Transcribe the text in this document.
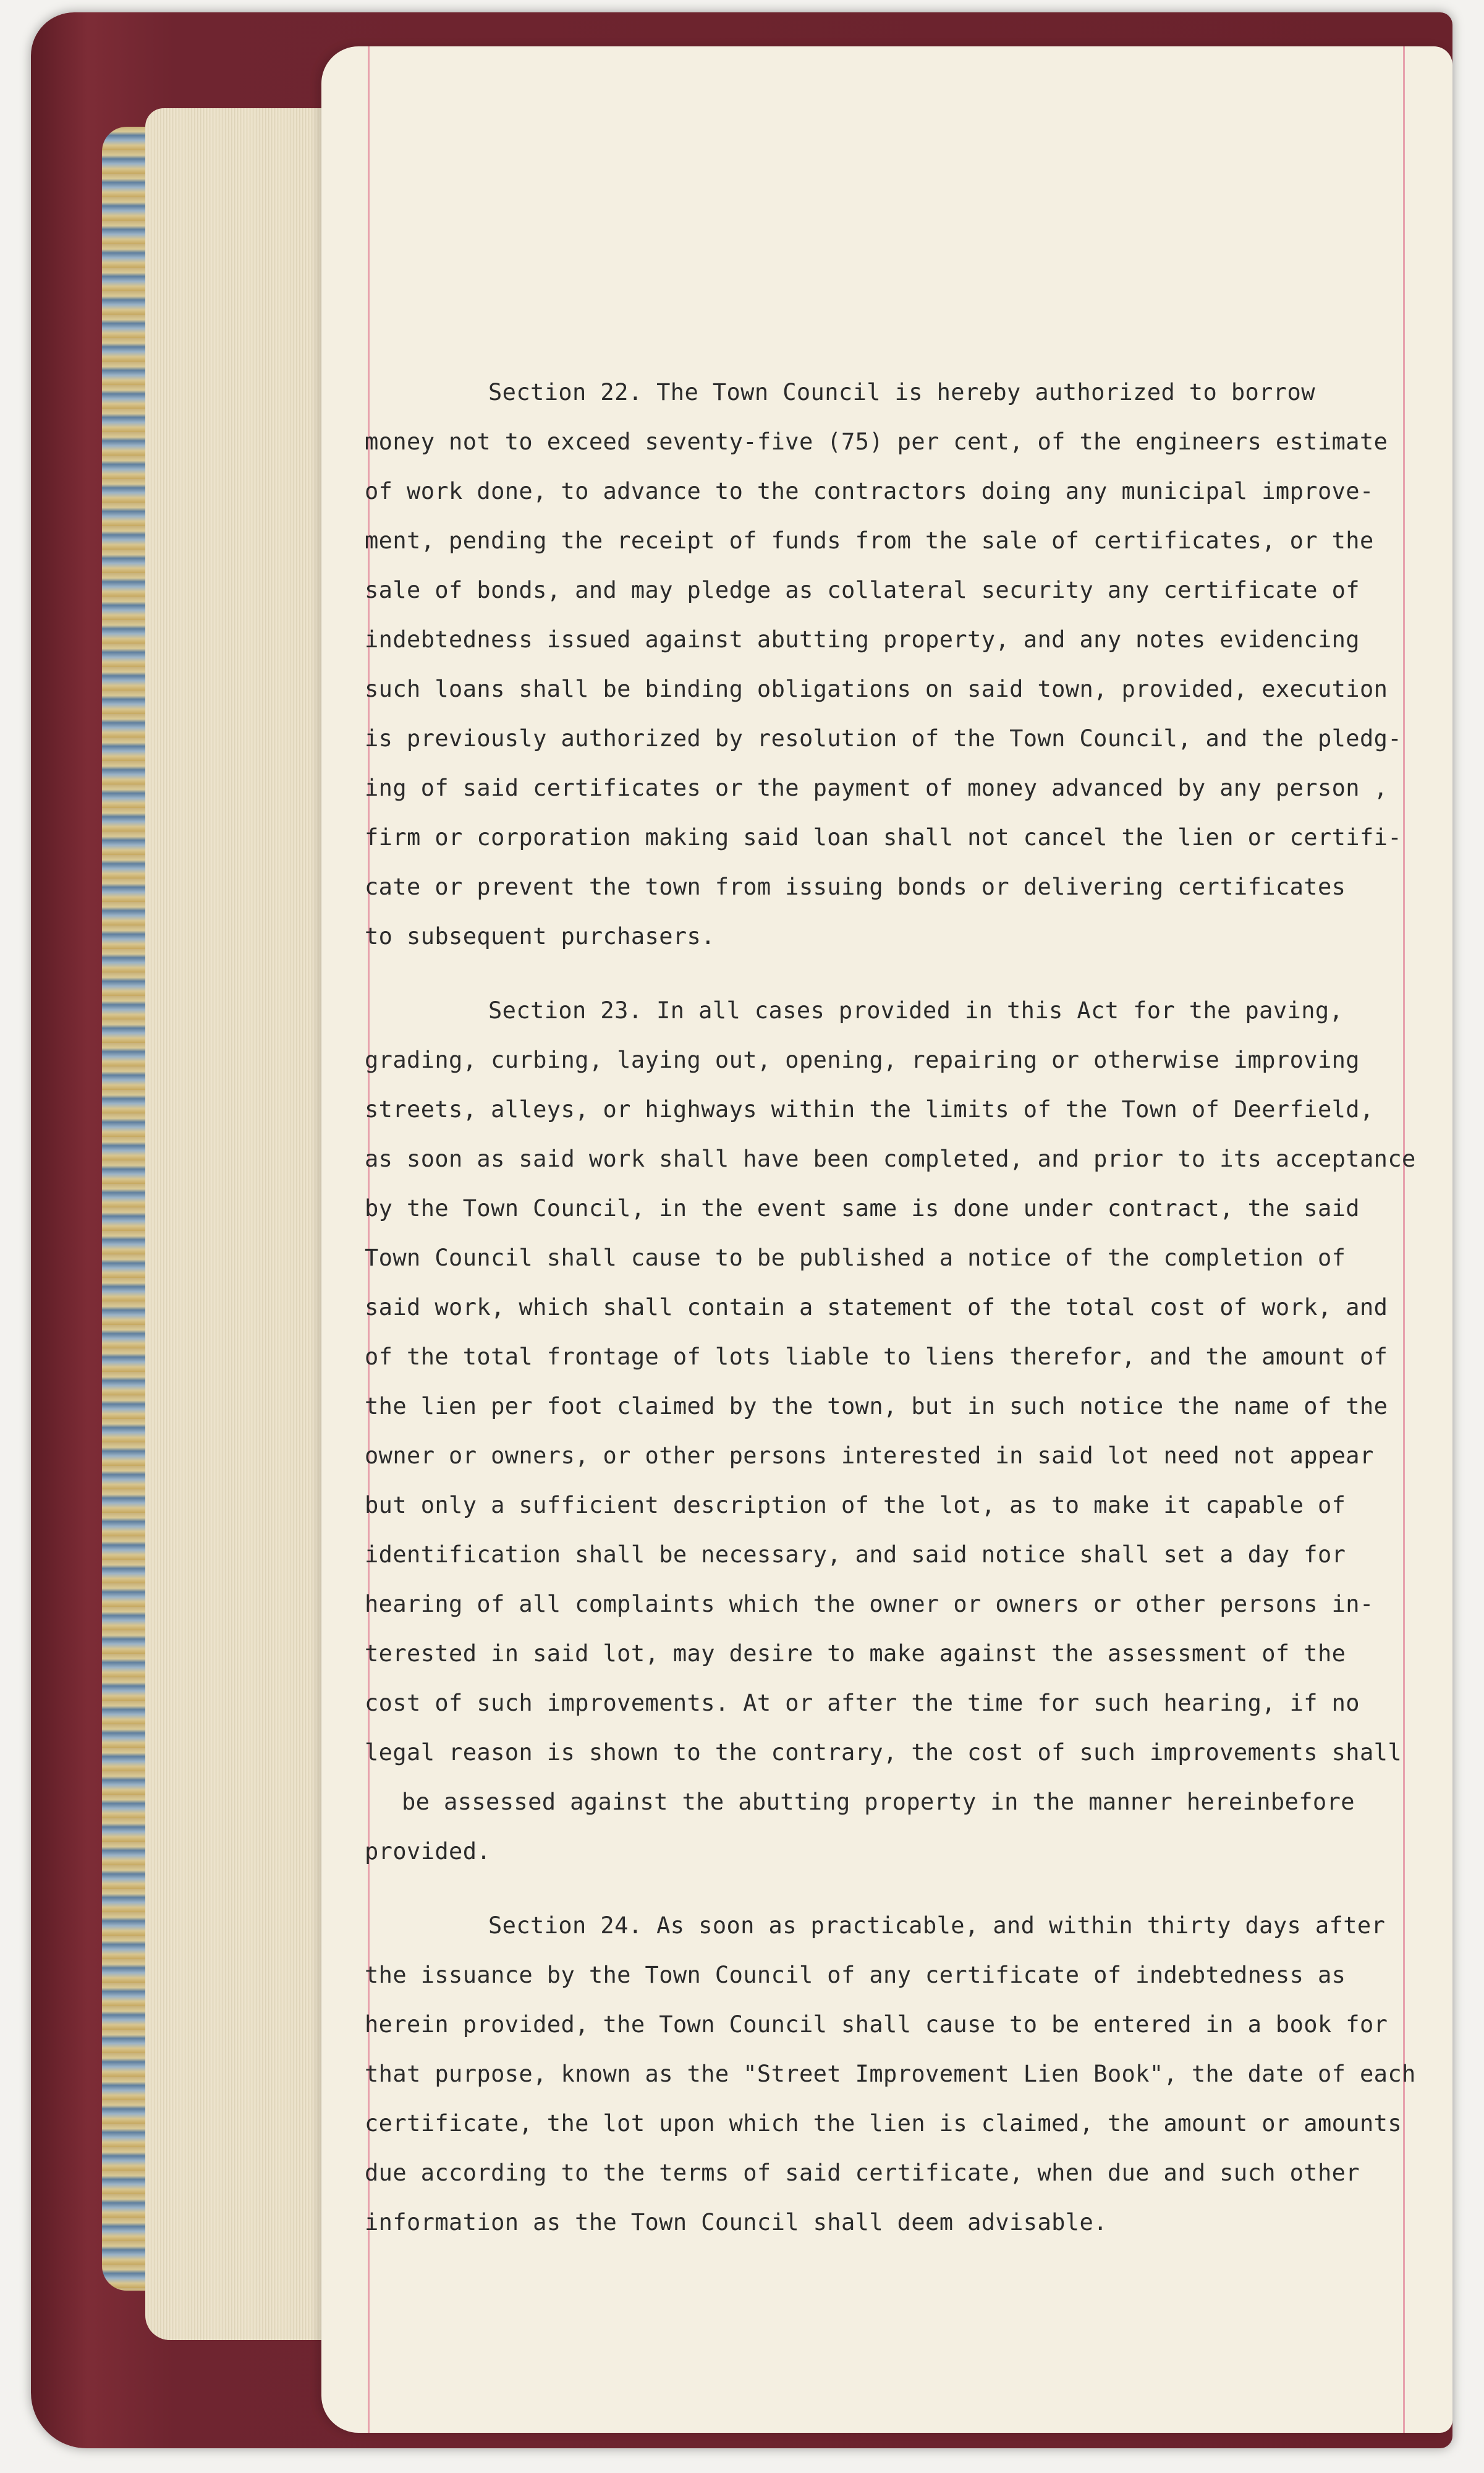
Section 22. The Town Council is hereby authorized to borrow
money not to exceed seventy-five (75) per cent, of the engineers estimate
of work done, to advance to the contractors doing any municipal improve-
ment, pending the receipt of funds from the sale of certificates, or the
sale of bonds, and may pledge as collateral security any certificate of
indebtedness issued against abutting property, and any notes evidencing
such loans shall be binding obligations on said town, provided, execution
is previously authorized by resolution of the Town Council, and the pledg-
ing of said certificates or the payment of money advanced by any person ,
firm or corporation making said loan shall not cancel the lien or certifi-
cate or prevent the town from issuing bonds or delivering certificates
to subsequent purchasers.
Section 23. In all cases provided in this Act for the paving,
grading, curbing, laying out, opening, repairing or otherwise improving
streets, alleys, or highways within the limits of the Town of Deerfield,
as soon as said work shall have been completed, and prior to its acceptance
by the Town Council, in the event same is done under contract, the said
Town Council shall cause to be published a notice of the completion of
said work, which shall contain a statement of the total cost of work, and
of the total frontage of lots liable to liens therefor, and the amount of
the lien per foot claimed by the town, but in such notice the name of the
owner or owners, or other persons interested in said lot need not appear
but only a sufficient description of the lot, as to make it capable of
identification shall be necessary, and said notice shall set a day for
hearing of all complaints which the owner or owners or other persons in-
terested in said lot, may desire to make against the assessment of the
cost of such improvements. At or after the time for such hearing, if no
legal reason is shown to the contrary, the cost of such improvements shall
be assessed against the abutting property in the manner hereinbefore
provided.
Section 24. As soon as practicable, and within thirty days after
the issuance by the Town Council of any certificate of indebtedness as
herein provided, the Town Council shall cause to be entered in a book for
that purpose, known as the "Street Improvement Lien Book", the date of each
certificate, the lot upon which the lien is claimed, the amount or amounts
due according to the terms of said certificate, when due and such other
information as the Town Council shall deem advisable.
